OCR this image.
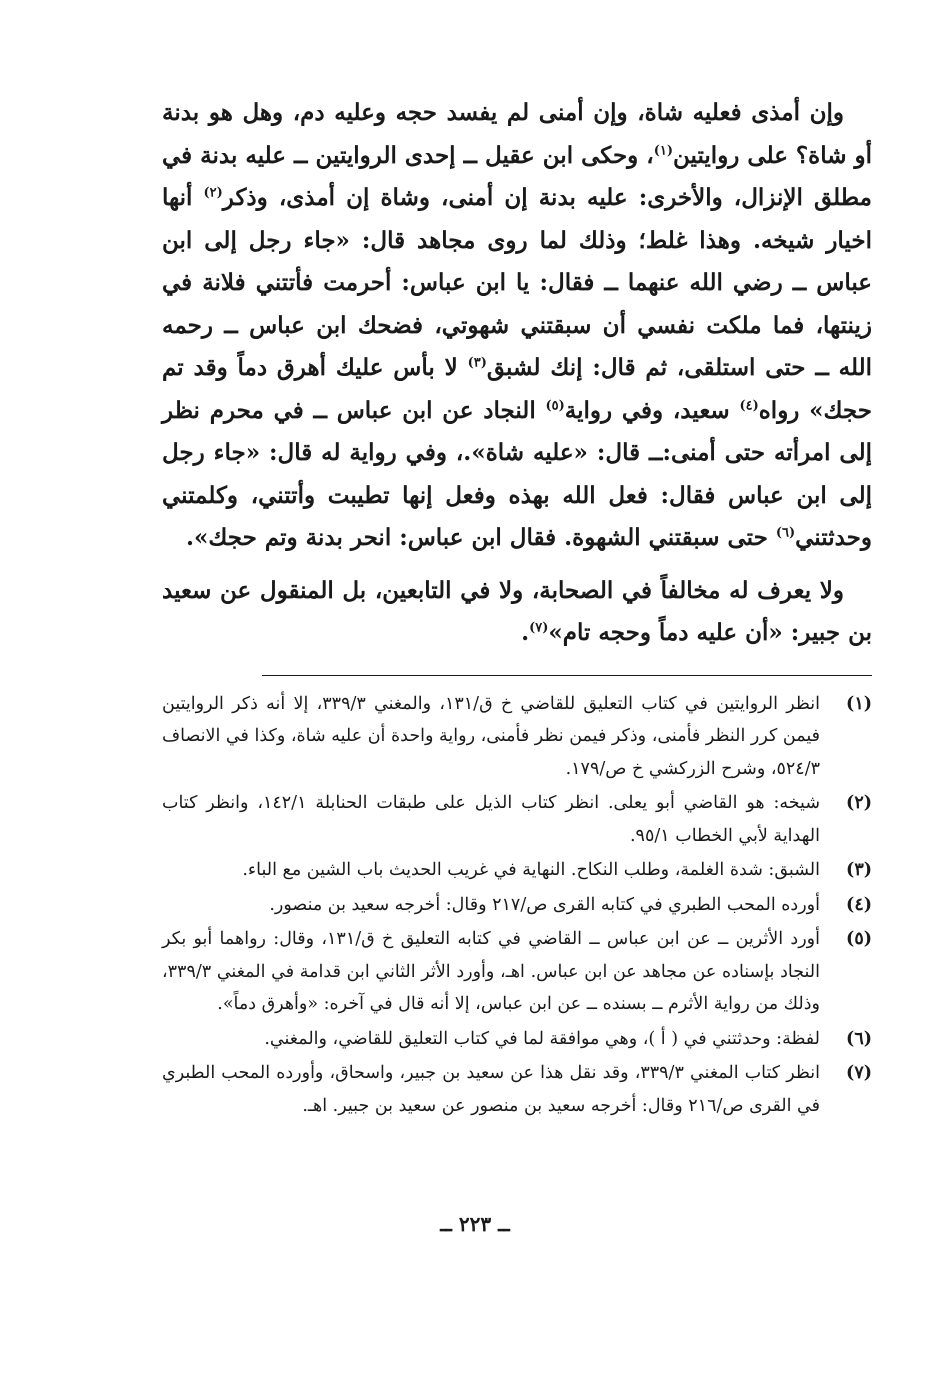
وإن أمذى فعليه شاة، وإن أمنى لم يفسد حجه وعليه دم، وهل هو بدنة أو شاة؟ على روايتين$^{(١)}$، وحكى ابن عقيل ــ إحدى الروايتين ــ عليه بدنة في مطلق الإنزال، والأخرى: عليه بدنة إن أمنى، وشاة إن أمذى، وذكر$^{(٢)}$ أنها اخيار شيخه. وهذا غلط؛ وذلك لما روى مجاهد قال: «جاء رجل إلى ابن عباس ــ رضي الله عنهما ــ فقال: يا ابن عباس: أحرمت فأتتني فلانة في زينتها، فما ملكت نفسي أن سبقتني شهوتي، فضحك ابن عباس ــ رحمه الله ــ حتى استلقى، ثم قال: إنك لشبق$^{(٣)}$ لا بأس عليك أهرق دماً وقد تم حجك» رواه$^{(٤)}$ سعيد، وفي رواية$^{(٥)}$ النجاد عن ابن عباس ــ في محرم نظر إلى امرأته حتى أمنى:ــ قال: «عليه شاة».، وفي رواية له قال: «جاء رجل إلى ابن عباس فقال: فعل الله بهذه وفعل إنها تطيبت وأتتني، وكلمتني وحدثتني$^{(٦)}$ حتى سبقتني الشهوة. فقال ابن عباس: انحر بدنة وتم حجك».

ولا يعرف له مخالفاً في الصحابة، ولا في التابعين، بل المنقول عن سعيد بن جبير: «أن عليه دماً وحجه تام»$^{(٧)}$.

(١)
انظر الروايتين في كتاب التعليق للقاضي خ ق/١٣١، والمغني ٣٣٩/٣، إلا أنه ذكر الروايتين فيمن كرر النظر فأمنى، وذكر فيمن نظر فأمنى، رواية واحدة أن عليه شاة، وكذا في الانصاف ٥٢٤/٣، وشرح الزركشي خ ص/١٧٩.
(٢)
شيخه: هو القاضي أبو يعلى. انظر كتاب الذيل على طبقات الحنابلة ١٤٢/١، وانظر كتاب الهداية لأبي الخطاب ٩٥/١.
(٣)
الشبق: شدة الغلمة، وطلب النكاح. النهاية في غريب الحديث باب الشين مع الباء.
(٤)
أورده المحب الطبري في كتابه القرى ص/٢١٧ وقال: أخرجه سعيد بن منصور.
(٥)
أورد الأثرين ــ عن ابن عباس ــ القاضي في كتابه التعليق خ ق/١٣١، وقال: رواهما أبو بكر النجاد بإسناده عن مجاهد عن ابن عباس. اهـ، وأورد الأثر الثاني ابن قدامة في المغني ٣٣٩/٣، وذلك من رواية الأثرم ــ بسنده ــ عن ابن عباس، إلا أنه قال في آخره: «وأهرق دماً».
(٦)
لفظة: وحدثتني في ( أ )، وهي موافقة لما في كتاب التعليق للقاضي، والمغني.
(٧)
انظر كتاب المغني ٣٣٩/٣، وقد نقل هذا عن سعيد بن جبير، واسحاق، وأورده المحب الطبري في القرى ص/٢١٦ وقال: أخرجه سعيد بن منصور عن سعيد بن جبير. اهـ.
ــ ٢٢٣ ــ
